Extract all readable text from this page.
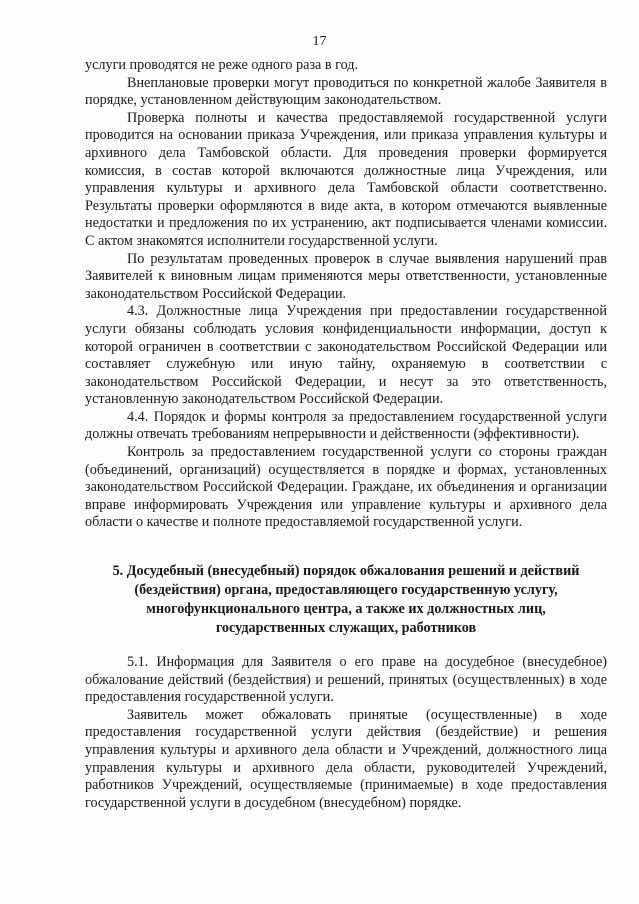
17

услуги проводятся не реже одного раза в год.

Внеплановые проверки могут проводиться по конкретной жалобе Заявителя в порядке, установленном действующим законодательством.

Проверка полноты и качества предоставляемой государственной услуги проводится на основании приказа Учреждения, или приказа управления культуры и архивного дела Тамбовской области. Для проведения проверки формируется комиссия, в состав которой включаются должностные лица Учреждения, или управления культуры и архивного дела Тамбовской области соответственно. Результаты проверки оформляются в виде акта, в котором отмечаются выявленные недостатки и предложения по их устранению, акт подписывается членами комиссии. С актом знакомятся исполнители государственной услуги.

По результатам проведенных проверок в случае выявления нарушений прав Заявителей к виновным лицам применяются меры ответственности, установленные законодательством Российской Федерации.

4.3. Должностные лица Учреждения при предоставлении государственной услуги обязаны соблюдать условия конфиденциальности информации, доступ к которой ограничен в соответствии с законодательством Российской Федерации или составляет служебную или иную тайну, охраняемую в соответствии с законодательством Российской Федерации, и несут за это ответственность, установленную законодательством Российской Федерации.

4.4. Порядок и формы контроля за предоставлением государственной услуги должны отвечать требованиям непрерывности и действенности (эффективности).

Контроль за предоставлением государственной услуги со стороны граждан (объединений, организаций) осуществляется в порядке и формах, установленных законодательством Российской Федерации. Граждане, их объединения и организации вправе информировать Учреждения или управление культуры и архивного дела области о качестве и полноте предоставляемой государственной услуги.

5. Досудебный (внесудебный) порядок обжалования решений и действий (бездействия) органа, предоставляющего государственную услугу, многофункционального центра, а также их должностных лиц, государственных служащих, работников

5.1. Информация для Заявителя о его праве на досудебное (внесудебное) обжалование действий (бездействия) и решений, принятых (осуществленных) в ходе предоставления государственной услуги.

Заявитель может обжаловать принятые (осуществленные) в ходе предоставления государственной услуги действия (бездействие) и решения управления культуры и архивного дела области и Учреждений, должностного лица управления культуры и архивного дела области, руководителей Учреждений, работников Учреждений, осуществляемые (принимаемые) в ходе предоставления государственной услуги в досудебном (внесудебном) порядке.
